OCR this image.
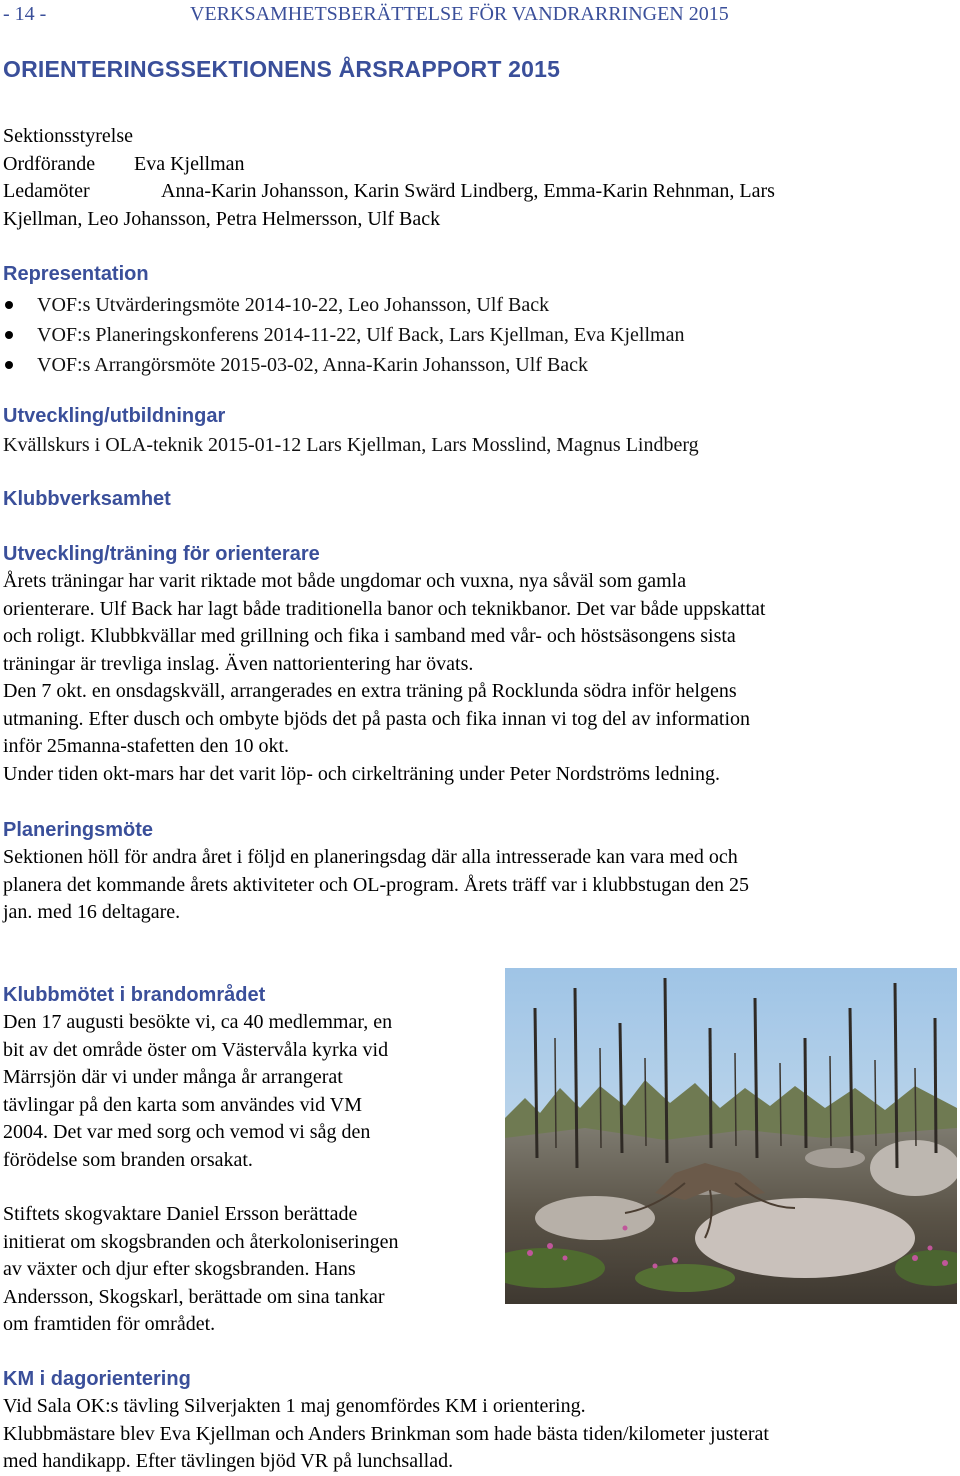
- 14 -	VERKSAMHETSBERÄTTELSE FÖR VANDRARRINGEN 2015
ORIENTERINGSSEKTIONENS ÅRSRAPPORT 2015
Sektionsstyrelse
Ordförande	Eva Kjellman
Ledamöter	Anna-Karin Johansson, Karin Swärd Lindberg, Emma-Karin Rehnman, Lars
Kjellman, Leo Johansson, Petra Helmersson, Ulf Back
Representation
VOF:s Utvärderingsmöte 2014-10-22, Leo Johansson, Ulf Back
VOF:s Planeringskonferens 2014-11-22, Ulf Back, Lars Kjellman, Eva Kjellman
VOF:s Arrangörsmöte 2015-03-02, Anna-Karin Johansson, Ulf Back
Utveckling/utbildningar
Kvällskurs i OLA-teknik 2015-01-12 Lars Kjellman, Lars Mosslind, Magnus Lindberg
Klubbverksamhet
Utveckling/träning för orienterare
Årets träningar har varit riktade mot både ungdomar och vuxna, nya såväl som gamla
orienterare. Ulf Back har lagt både traditionella banor och teknikbanor. Det var både uppskattat
och roligt. Klubbkvällar med grillning och fika i samband med vår- och höstsäsongens sista
träningar är trevliga inslag. Även nattorientering har övats.
Den 7 okt. en onsdagskväll, arrangerades en extra träning på Rocklunda södra inför helgens
utmaning. Efter dusch och ombyte bjöds det på pasta och fika innan vi tog del av information
inför 25manna-stafetten den 10 okt.
Under tiden okt-mars har det varit löp- och cirkelträning under Peter Nordströms ledning.
Planeringsmöte
Sektionen höll för andra året i följd en planeringsdag där alla intresserade kan vara med och
planera det kommande årets aktiviteter och OL-program. Årets träff var i klubbstugan den 25
jan. med 16 deltagare.
Klubbmötet i brandområdet
Den 17 augusti besökte vi, ca 40 medlemmar, en
bit av det område öster om Västervåla kyrka vid
Märrsjön där vi under många år arrangerat
tävlingar på den karta som användes vid VM
2004. Det var med sorg och vemod vi såg den
förödelse som branden orsakat.
Stiftets skogvaktare Daniel Ersson berättade
initierat om skogsbranden och återkoloniseringen
av växter och djur efter skogsbranden. Hans
Andersson, Skogskarl, berättade om sina tankar
om framtiden för området.
KM i dagorientering
Vid Sala OK:s tävling Silverjakten 1 maj genomfördes KM i orientering.
Klubbmästare blev Eva Kjellman och Anders Brinkman som hade bästa tiden/kilometer justerat
med handikapp. Efter tävlingen bjöd VR på lunchsallad.
